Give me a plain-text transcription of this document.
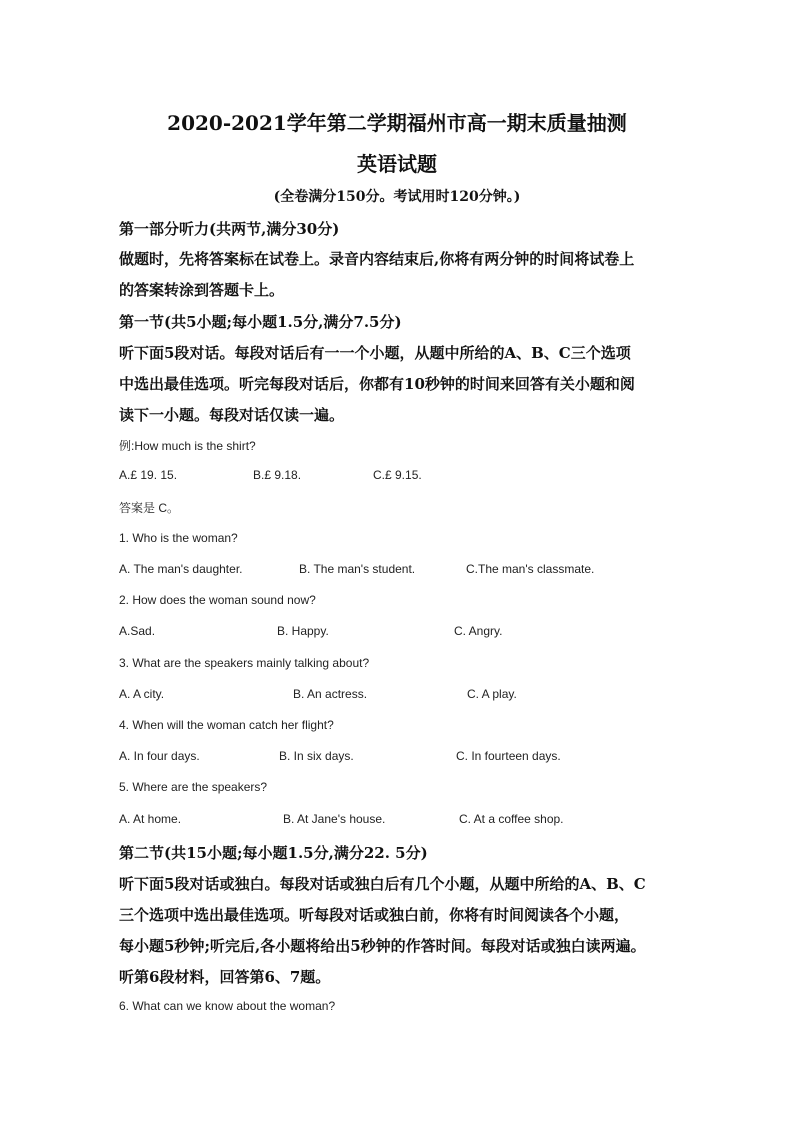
2020-2021学年第二学期福州市高一期末质量抽测
英语试题
(全卷满分150分。考试用时120分钟。)
第一部分听力(共两节,满分30分)
做题时，先将答案标在试卷上。录音内容结束后,你将有两分钟的时间将试卷上
的答案转涂到答题卡上。
第一节(共5小题;每小题1.5分,满分7.5分)
听下面5段对话。每段对话后有一一个小题，从题中所给的A、B、C三个选项
中选出最佳选项。听完每段对话后，你都有10秒钟的时间来回答有关小题和阅
读下一小题。每段对话仅读一遍。
例:How much is the shirt?
A.£ 19. 15.	B.£ 9.18.	C.£ 9.15.
答案是 C。
1. Who is the woman?
A. The man's daughter.	B. The man's student.	C.The man's classmate.
2. How does the woman sound now?
A.Sad.	B. Happy.	C. Angry.
3. What are the speakers mainly talking about?
A. A city.	B. An actress.	C. A play.
4. When will the woman catch her flight?
A. In four days.	B. In six days.	C. In fourteen days.
5. Where are the speakers?
A. At home.	B. At Jane's house.	C. At a coffee shop.
第二节(共15小题;每小题1.5分,满分22. 5分)
听下面5段对话或独白。每段对话或独白后有几个小题，从题中所给的A、B、C
三个选项中选出最佳选项。听每段对话或独白前，你将有时间阅读各个小题，
每小题5秒钟;听完后,各小题将给出5秒钟的作答时间。每段对话或独白读两遍。
听第6段材料，回答第6、7题。
6. What can we know about the woman?
